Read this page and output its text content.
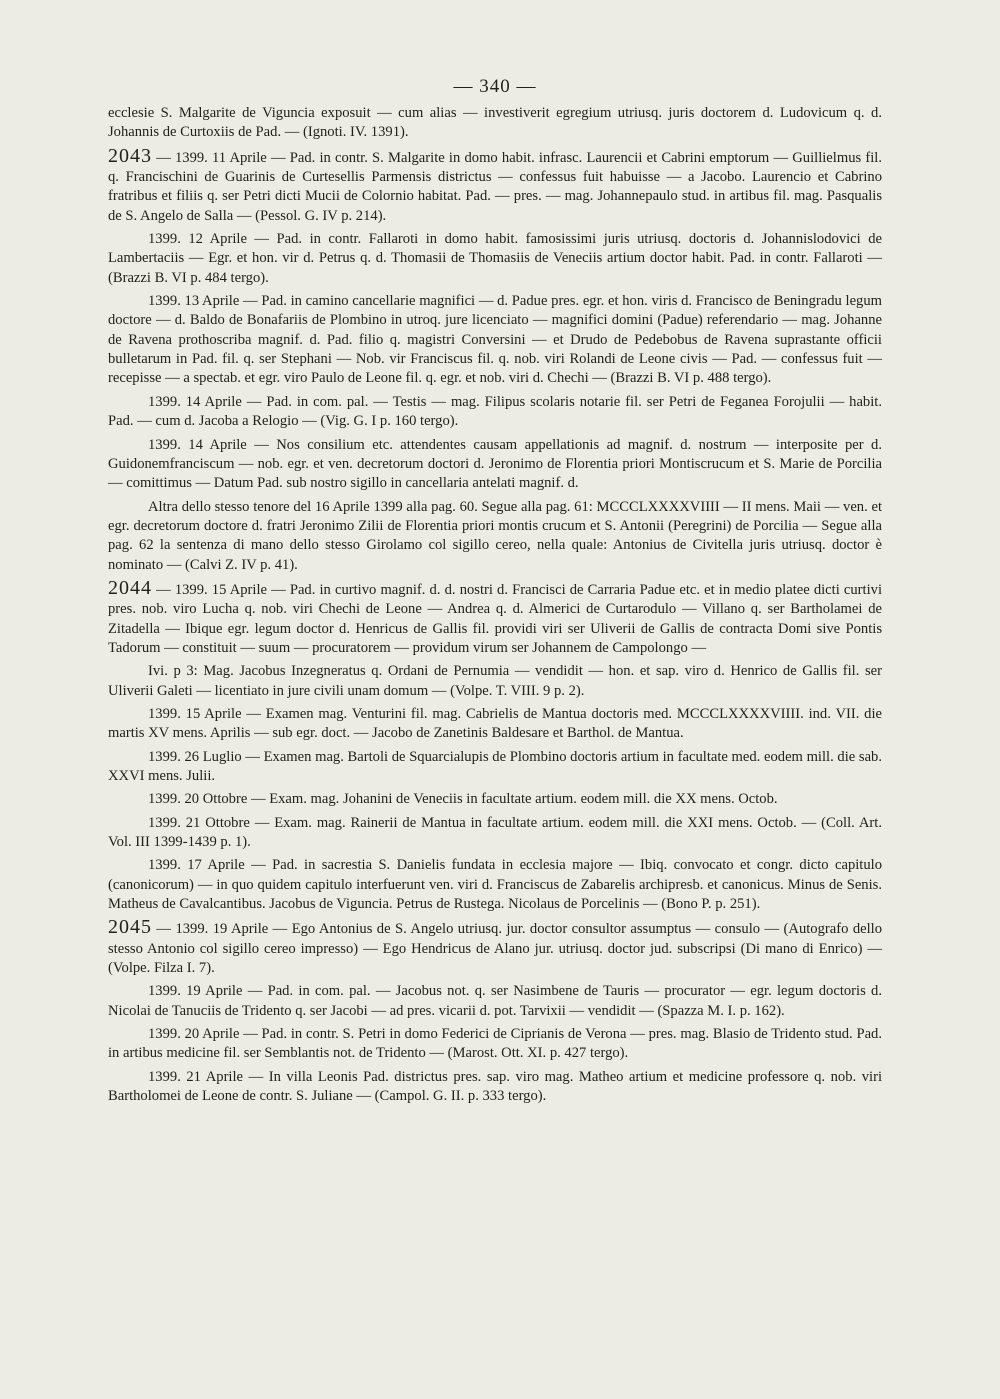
— 340 —

ecclesie S. Malgarite de Viguncia exposuit — cum alias — investiverit egregium utriusq. juris doctorem d. Ludovicum q. d. Johannis de Curtoxiis de Pad. — (Ignoti. IV. 1391).

2043 — 1399. 11 Aprile — Pad. in contr. S. Malgarite in domo habit. infrasc. Laurencii et Cabrini emptorum — Guillielmus fil. q. Francischini de Guarinis de Curtesellis Parmensis districtus — confessus fuit habuisse — a Jacobo. Laurencio et Cabrino fratribus et filiis q. ser Petri dicti Mucii de Colornio habitat. Pad. — pres. — mag. Johannepaulo stud. in artibus fil. mag. Pasqualis de S. Angelo de Salla — (Pessol. G. IV p. 214).

1399. 12 Aprile — Pad. in contr. Fallaroti in domo habit. famosissimi juris utriusq. doctoris d. Johannislodovici de Lambertaciis — Egr. et hon. vir d. Petrus q. d. Thomasii de Thomasiis de Veneciis artium doctor habit. Pad. in contr. Fallaroti — (Brazzi B. VI p. 484 tergo).

1399. 13 Aprile — Pad. in camino cancellarie magnifici — d. Padue pres. egr. et hon. viris d. Francisco de Beningradu legum doctore — d. Baldo de Bonafariis de Plombino in utroq. jure licenciato — magnifici domini (Padue) referendario — mag. Johanne de Ravena prothoscriba magnif. d. Pad. filio q. magistri Conversini — et Drudo de Pedebobus de Ravena suprastante officii bulletarum in Pad. fil. q. ser Stephani — Nob. vir Franciscus fil. q. nob. viri Rolandi de Leone civis — Pad. — confessus fuit — recepisse — a spectab. et egr. viro Paulo de Leone fil. q. egr. et nob. viri d. Chechi — (Brazzi B. VI p. 488 tergo).

1399. 14 Aprile — Pad. in com. pal. — Testis — mag. Filipus scolaris notarie fil. ser Petri de Feganea Forojulii — habit. Pad. — cum d. Jacoba a Relogio — (Vig. G. I p. 160 tergo).

1399. 14 Aprile — Nos consilium etc. attendentes causam appellationis ad magnif. d. nostrum — interposite per d. Guidonemfranciscum — nob. egr. et ven. decretorum doctori d. Jeronimo de Florentia priori Montiscrucum et S. Marie de Porcilia — comittimus — Datum Pad. sub nostro sigillo in cancellaria antelati magnif. d.

Altra dello stesso tenore del 16 Aprile 1399 alla pag. 60. Segue alla pag. 61: MCCCLXXXXVIIII — II mens. Maii — ven. et egr. decretorum doctore d. fratri Jeronimo Zilii de Florentia priori montis crucum et S. Antonii (Peregrini) de Porcilia — Segue alla pag. 62 la sentenza di mano dello stesso Girolamo col sigillo cereo, nella quale: Antonius de Civitella juris utriusq. doctor è nominato — (Calvi Z. IV p. 41).

2044 — 1399. 15 Aprile — Pad. in curtivo magnif. d. d. nostri d. Francisci de Carraria Padue etc. et in medio platee dicti curtivi pres. nob. viro Lucha q. nob. viri Chechi de Leone — Andrea q. d. Almerici de Curtarodulo — Villano q. ser Bartholamei de Zitadella — Ibique egr. legum doctor d. Henricus de Gallis fil. providi viri ser Uliverii de Gallis de contracta Domi sive Pontis Tadorum — constituit — suum — procuratorem — providum virum ser Johannem de Campolongo —

Ivi. p 3: Mag. Jacobus Inzegneratus q. Ordani de Pernumia — vendidit — hon. et sap. viro d. Henrico de Gallis fil. ser Uliverii Galeti — licentiato in jure civili unam domum — (Volpe. T. VIII. 9 p. 2).

1399. 15 Aprile — Examen mag. Venturini fil. mag. Cabrielis de Mantua doctoris med. MCCCLXXXXVIIII. ind. VII. die martis XV mens. Aprilis — sub egr. doct. — Jacobo de Zanetinis Baldesare et Barthol. de Mantua.

1399. 26 Luglio — Examen mag. Bartoli de Squarcialupis de Plombino doctoris artium in facultate med. eodem mill. die sab. XXVI mens. Julii.

1399. 20 Ottobre — Exam. mag. Johanini de Veneciis in facultate artium. eodem mill. die XX mens. Octob.

1399. 21 Ottobre — Exam. mag. Rainerii de Mantua in facultate artium. eodem mill. die XXI mens. Octob. — (Coll. Art. Vol. III 1399-1439 p. 1).

1399. 17 Aprile — Pad. in sacrestia S. Danielis fundata in ecclesia majore — Ibiq. convocato et congr. dicto capitulo (canonicorum) — in quo quidem capitulo interfuerunt ven. viri d. Franciscus de Zabarelis archipresb. et canonicus. Minus de Senis. Matheus de Cavalcantibus. Jacobus de Viguncia. Petrus de Rustega. Nicolaus de Porcelinis — (Bono P. p. 251).

2045 — 1399. 19 Aprile — Ego Antonius de S. Angelo utriusq. jur. doctor consultor assumptus — consulo — (Autografo dello stesso Antonio col sigillo cereo impresso) — Ego Hendricus de Alano jur. utriusq. doctor jud. subscripsi (Di mano di Enrico) — (Volpe. Filza I. 7).

1399. 19 Aprile — Pad. in com. pal. — Jacobus not. q. ser Nasimbene de Tauris — procurator — egr. legum doctoris d. Nicolai de Tanuciis de Tridento q. ser Jacobi — ad pres. vicarii d. pot. Tarvixii — vendidit — (Spazza M. I. p. 162).

1399. 20 Aprile — Pad. in contr. S. Petri in domo Federici de Ciprianis de Verona — pres. mag. Blasio de Tridento stud. Pad. in artibus medicine fil. ser Semblantis not. de Tridento — (Marost. Ott. XI. p. 427 tergo).

1399. 21 Aprile — In villa Leonis Pad. districtus pres. sap. viro mag. Matheo artium et medicine professore q. nob. viri Bartholomei de Leone de contr. S. Juliane — (Campol. G. II. p. 333 tergo).
